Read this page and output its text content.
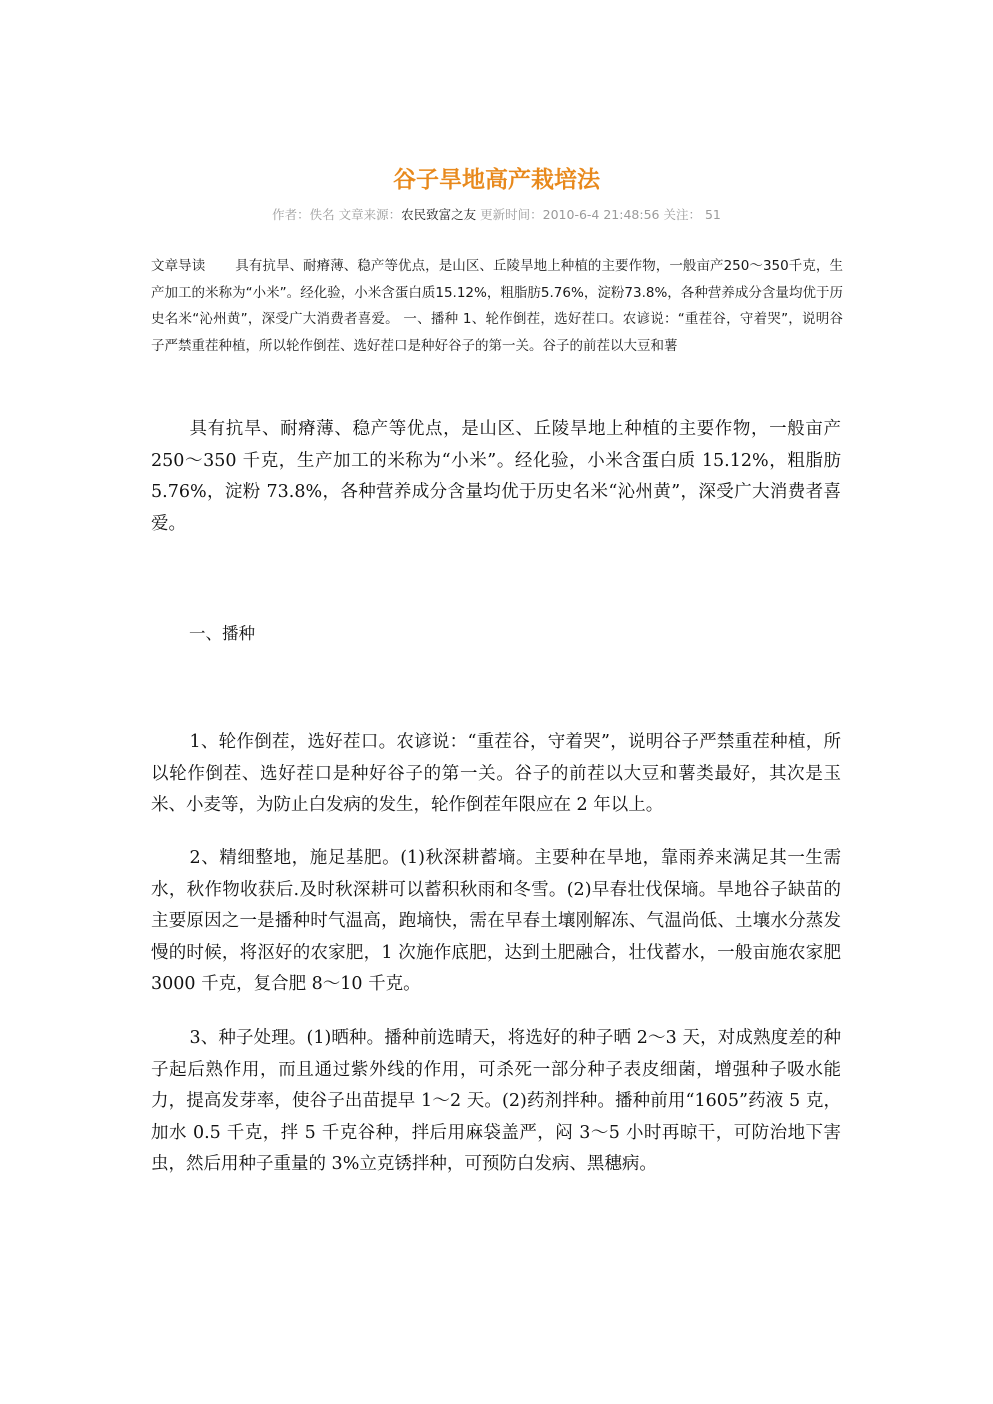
谷子旱地高产栽培法
作者：佚名 文章来源：农民致富之友 更新时间：2010-6-4 21:48:56 关注： 51

文章导读 具有抗旱、耐瘠薄、稳产等优点，是山区、丘陵旱地上种植的主要作物，一般亩产250～350千克，生产加工的米称为“小米”。经化验，小米含蛋白质15.12%，粗脂肪5.76%，淀粉73.8%，各种营养成分含量均优于历史名米“沁州黄”，深受广大消费者喜爱。 一、播种 1、轮作倒茬，选好茬口。农谚说：“重茬谷，守着哭”，说明谷子严禁重茬种植，所以轮作倒茬、选好茬口是种好谷子的第一关。谷子的前茬以大豆和薯

具有抗旱、耐瘠薄、稳产等优点，是山区、丘陵旱地上种植的主要作物，一般亩产 250～350 千克，生产加工的米称为“小米”。经化验，小米含蛋白质 15.12%，粗脂肪 5.76%，淀粉 73.8%，各种营养成分含量均优于历史名米“沁州黄”，深受广大消费者喜爱。

一、播种

1、轮作倒茬，选好茬口。农谚说：“重茬谷，守着哭”，说明谷子严禁重茬种植，所以轮作倒茬、选好茬口是种好谷子的第一关。谷子的前茬以大豆和薯类最好，其次是玉米、小麦等，为防止白发病的发生，轮作倒茬年限应在 2 年以上。

2、精细整地，施足基肥。(1)秋深耕蓄墒。主要种在旱地，靠雨养来满足其一生需水，秋作物收获后.及时秋深耕可以蓄积秋雨和冬雪。(2)早春壮伐保墒。旱地谷子缺苗的主要原因之一是播种时气温高，跑墒快，需在早春土壤刚解冻、气温尚低、土壤水分蒸发慢的时候，将沤好的农家肥，1 次施作底肥，达到土肥融合，壮伐蓄水，一般亩施农家肥 3000 千克，复合肥 8～10 千克。

3、种子处理。(1)晒种。播种前选晴天，将选好的种子晒 2～3 天，对成熟度差的种子起后熟作用，而且通过紫外线的作用，可杀死一部分种子表皮细菌，增强种子吸水能力，提高发芽率，使谷子出苗提早 1～2 天。(2)药剂拌种。播种前用“1605”药液 5 克，加水 0.5 千克，拌 5 千克谷种，拌后用麻袋盖严，闷 3～5 小时再晾干，可防治地下害虫，然后用种子重量的 3%立克锈拌种，可预防白发病、黑穗病。
